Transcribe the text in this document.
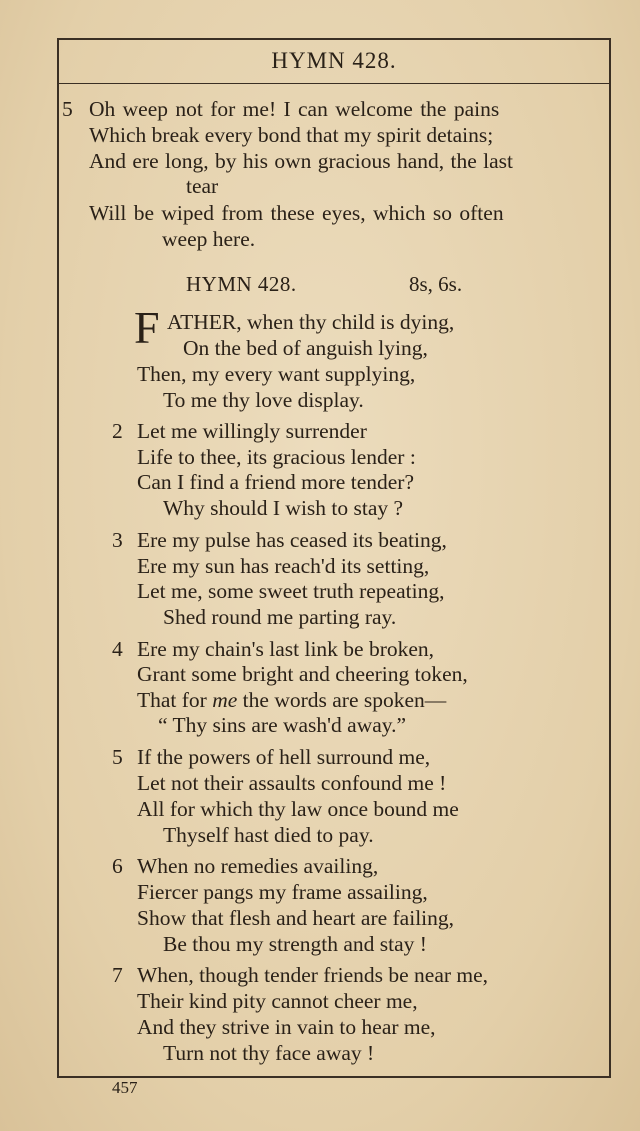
HYMN 428.
5 Oh weep not for me! I can welcome the pains
Which break every bond that my spirit detains;
And ere long, by his own gracious hand, the last
tear
Will be wiped from these eyes, which so often
weep here.
HYMN 428.	8s, 6s.
F ATHER, when thy child is dying,
On the bed of anguish lying,
Then, my every want supplying,
To me thy love display.
2 Let me willingly surrender
Life to thee, its gracious lender :
Can I find a friend more tender?
Why should I wish to stay ?
3 Ere my pulse has ceased its beating,
Ere my sun has reach'd its setting,
Let me, some sweet truth repeating,
Shed round me parting ray.
4 Ere my chain's last link be broken,
Grant some bright and cheering token,
That for me the words are spoken—
“ Thy sins are wash'd away.”
5 If the powers of hell surround me,
Let not their assaults confound me !
All for which thy law once bound me
Thyself hast died to pay.
6 When no remedies availing,
Fiercer pangs my frame assailing,
Show that flesh and heart are failing,
Be thou my strength and stay !
7 When, though tender friends be near me,
Their kind pity cannot cheer me,
And they strive in vain to hear me,
Turn not thy face away !
457
